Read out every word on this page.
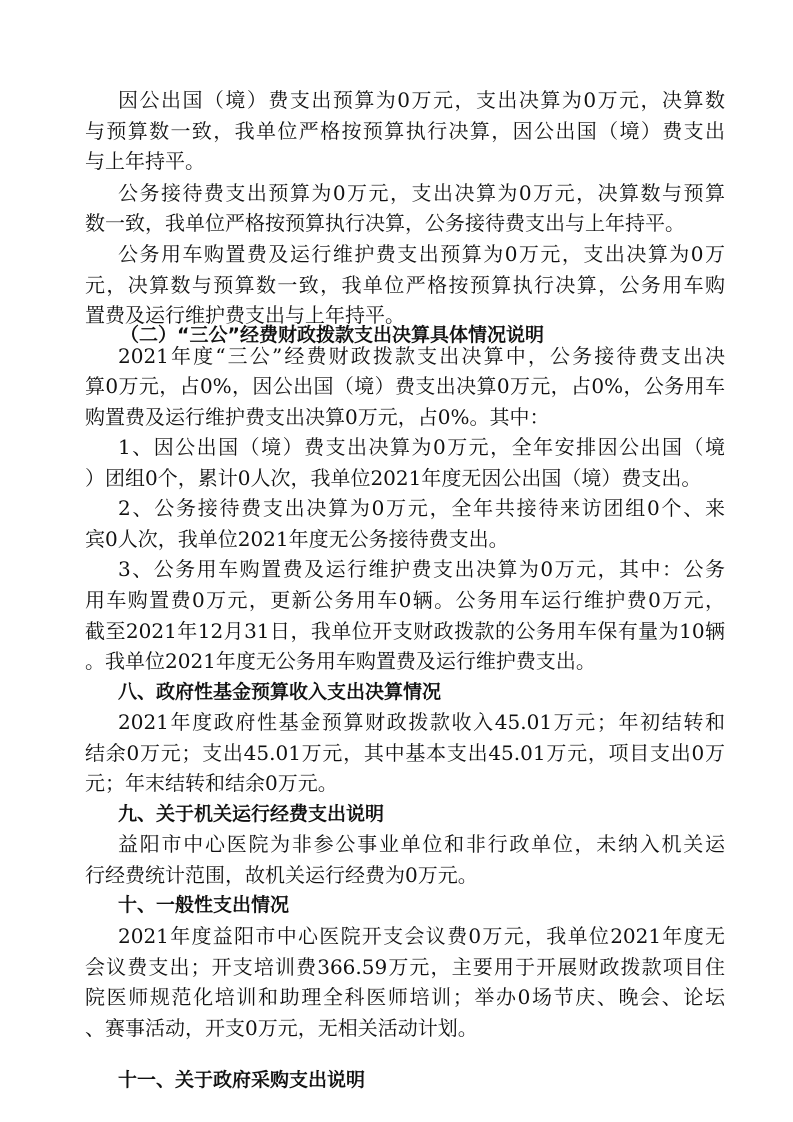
因公出国（境）费支出预算为0万元，支出决算为0万元，决算数
与预算数一致，我单位严格按预算执行决算，因公出国（境）费支出
与上年持平。
公务接待费支出预算为0万元，支出决算为0万元，决算数与预算
数一致，我单位严格按预算执行决算，公务接待费支出与上年持平。
公务用车购置费及运行维护费支出预算为0万元，支出决算为0万
元，决算数与预算数一致，我单位严格按预算执行决算，公务用车购
置费及运行维护费支出与上年持平。
（二）“三公”经费财政拨款支出决算具体情况说明
2021年度“三公”经费财政拨款支出决算中，公务接待费支出决
算0万元，占0%，因公出国（境）费支出决算0万元，占0%，公务用车
购置费及运行维护费支出决算0万元，占0%。其中：
1、因公出国（境）费支出决算为0万元，全年安排因公出国（境
）团组0个，累计0人次，我单位2021年度无因公出国（境）费支出。
2、公务接待费支出决算为0万元，全年共接待来访团组0个、来
宾0人次，我单位2021年度无公务接待费支出。
3、公务用车购置费及运行维护费支出决算为0万元，其中：公务
用车购置费0万元，更新公务用车0辆。公务用车运行维护费0万元，
截至2021年12月31日，我单位开支财政拨款的公务用车保有量为10辆
。我单位2021年度无公务用车购置费及运行维护费支出。
八、政府性基金预算收入支出决算情况
2021年度政府性基金预算财政拨款收入45.01万元；年初结转和
结余0万元；支出45.01万元，其中基本支出45.01万元，项目支出0万
元；年末结转和结余0万元。
九、关于机关运行经费支出说明
益阳市中心医院为非参公事业单位和非行政单位，未纳入机关运
行经费统计范围，故机关运行经费为0万元。
十、一般性支出情况
2021年度益阳市中心医院开支会议费0万元，我单位2021年度无
会议费支出；开支培训费366.59万元，主要用于开展财政拨款项目住
院医师规范化培训和助理全科医师培训；举办0场节庆、晚会、论坛
、赛事活动，开支0万元，无相关活动计划。
十一、关于政府采购支出说明
